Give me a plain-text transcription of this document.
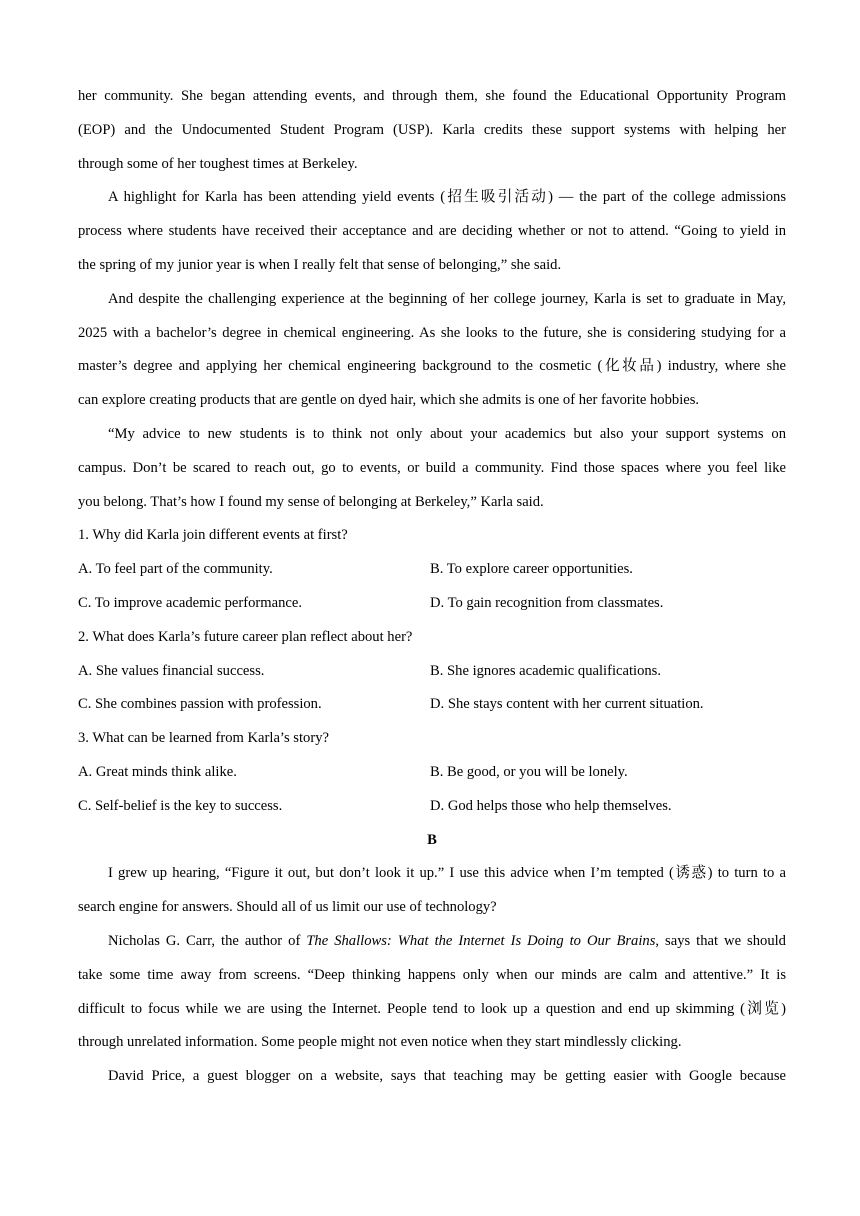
her community. She began attending events, and through them, she found the Educational Opportunity Program
(EOP) and the Undocumented Student Program (USP). Karla credits these support systems with helping her
through some of her toughest times at Berkeley.
A highlight for Karla has been attending yield events (招生吸引活动) — the part of the college admissions
process where students have received their acceptance and are deciding whether or not to attend. “Going to yield in
the spring of my junior year is when I really felt that sense of belonging,” she said.
And despite the challenging experience at the beginning of her college journey, Karla is set to graduate in May,
2025 with a bachelor’s degree in chemical engineering. As she looks to the future, she is considering studying for a
master’s degree and applying her chemical engineering background to the cosmetic (化妆品) industry, where she
can explore creating products that are gentle on dyed hair, which she admits is one of her favorite hobbies.
“My advice to new students is to think not only about your academics but also your support systems on
campus. Don’t be scared to reach out, go to events, or build a community. Find those spaces where you feel like
you belong. That’s how I found my sense of belonging at Berkeley,” Karla said.
1. Why did Karla join different events at first?
A. To feel part of the community.	B. To explore career opportunities.
C. To improve academic performance.	D. To gain recognition from classmates.
2. What does Karla’s future career plan reflect about her?
A. She values financial success.	B. She ignores academic qualifications.
C. She combines passion with profession.	D. She stays content with her current situation.
3. What can be learned from Karla’s story?
A. Great minds think alike.	B. Be good, or you will be lonely.
C. Self-belief is the key to success.	D. God helps those who help themselves.
B
I grew up hearing, “Figure it out, but don’t look it up.” I use this advice when I’m tempted (诱惑) to turn to a
search engine for answers. Should all of us limit our use of technology?
Nicholas G. Carr, the author of The Shallows: What the Internet Is Doing to Our Brains, says that we should
take some time away from screens. “Deep thinking happens only when our minds are calm and attentive.” It is
difficult to focus while we are using the Internet. People tend to look up a question and end up skimming (浏览)
through unrelated information. Some people might not even notice when they start mindlessly clicking.
David Price, a guest blogger on a website, says that teaching may be getting easier with Google because
